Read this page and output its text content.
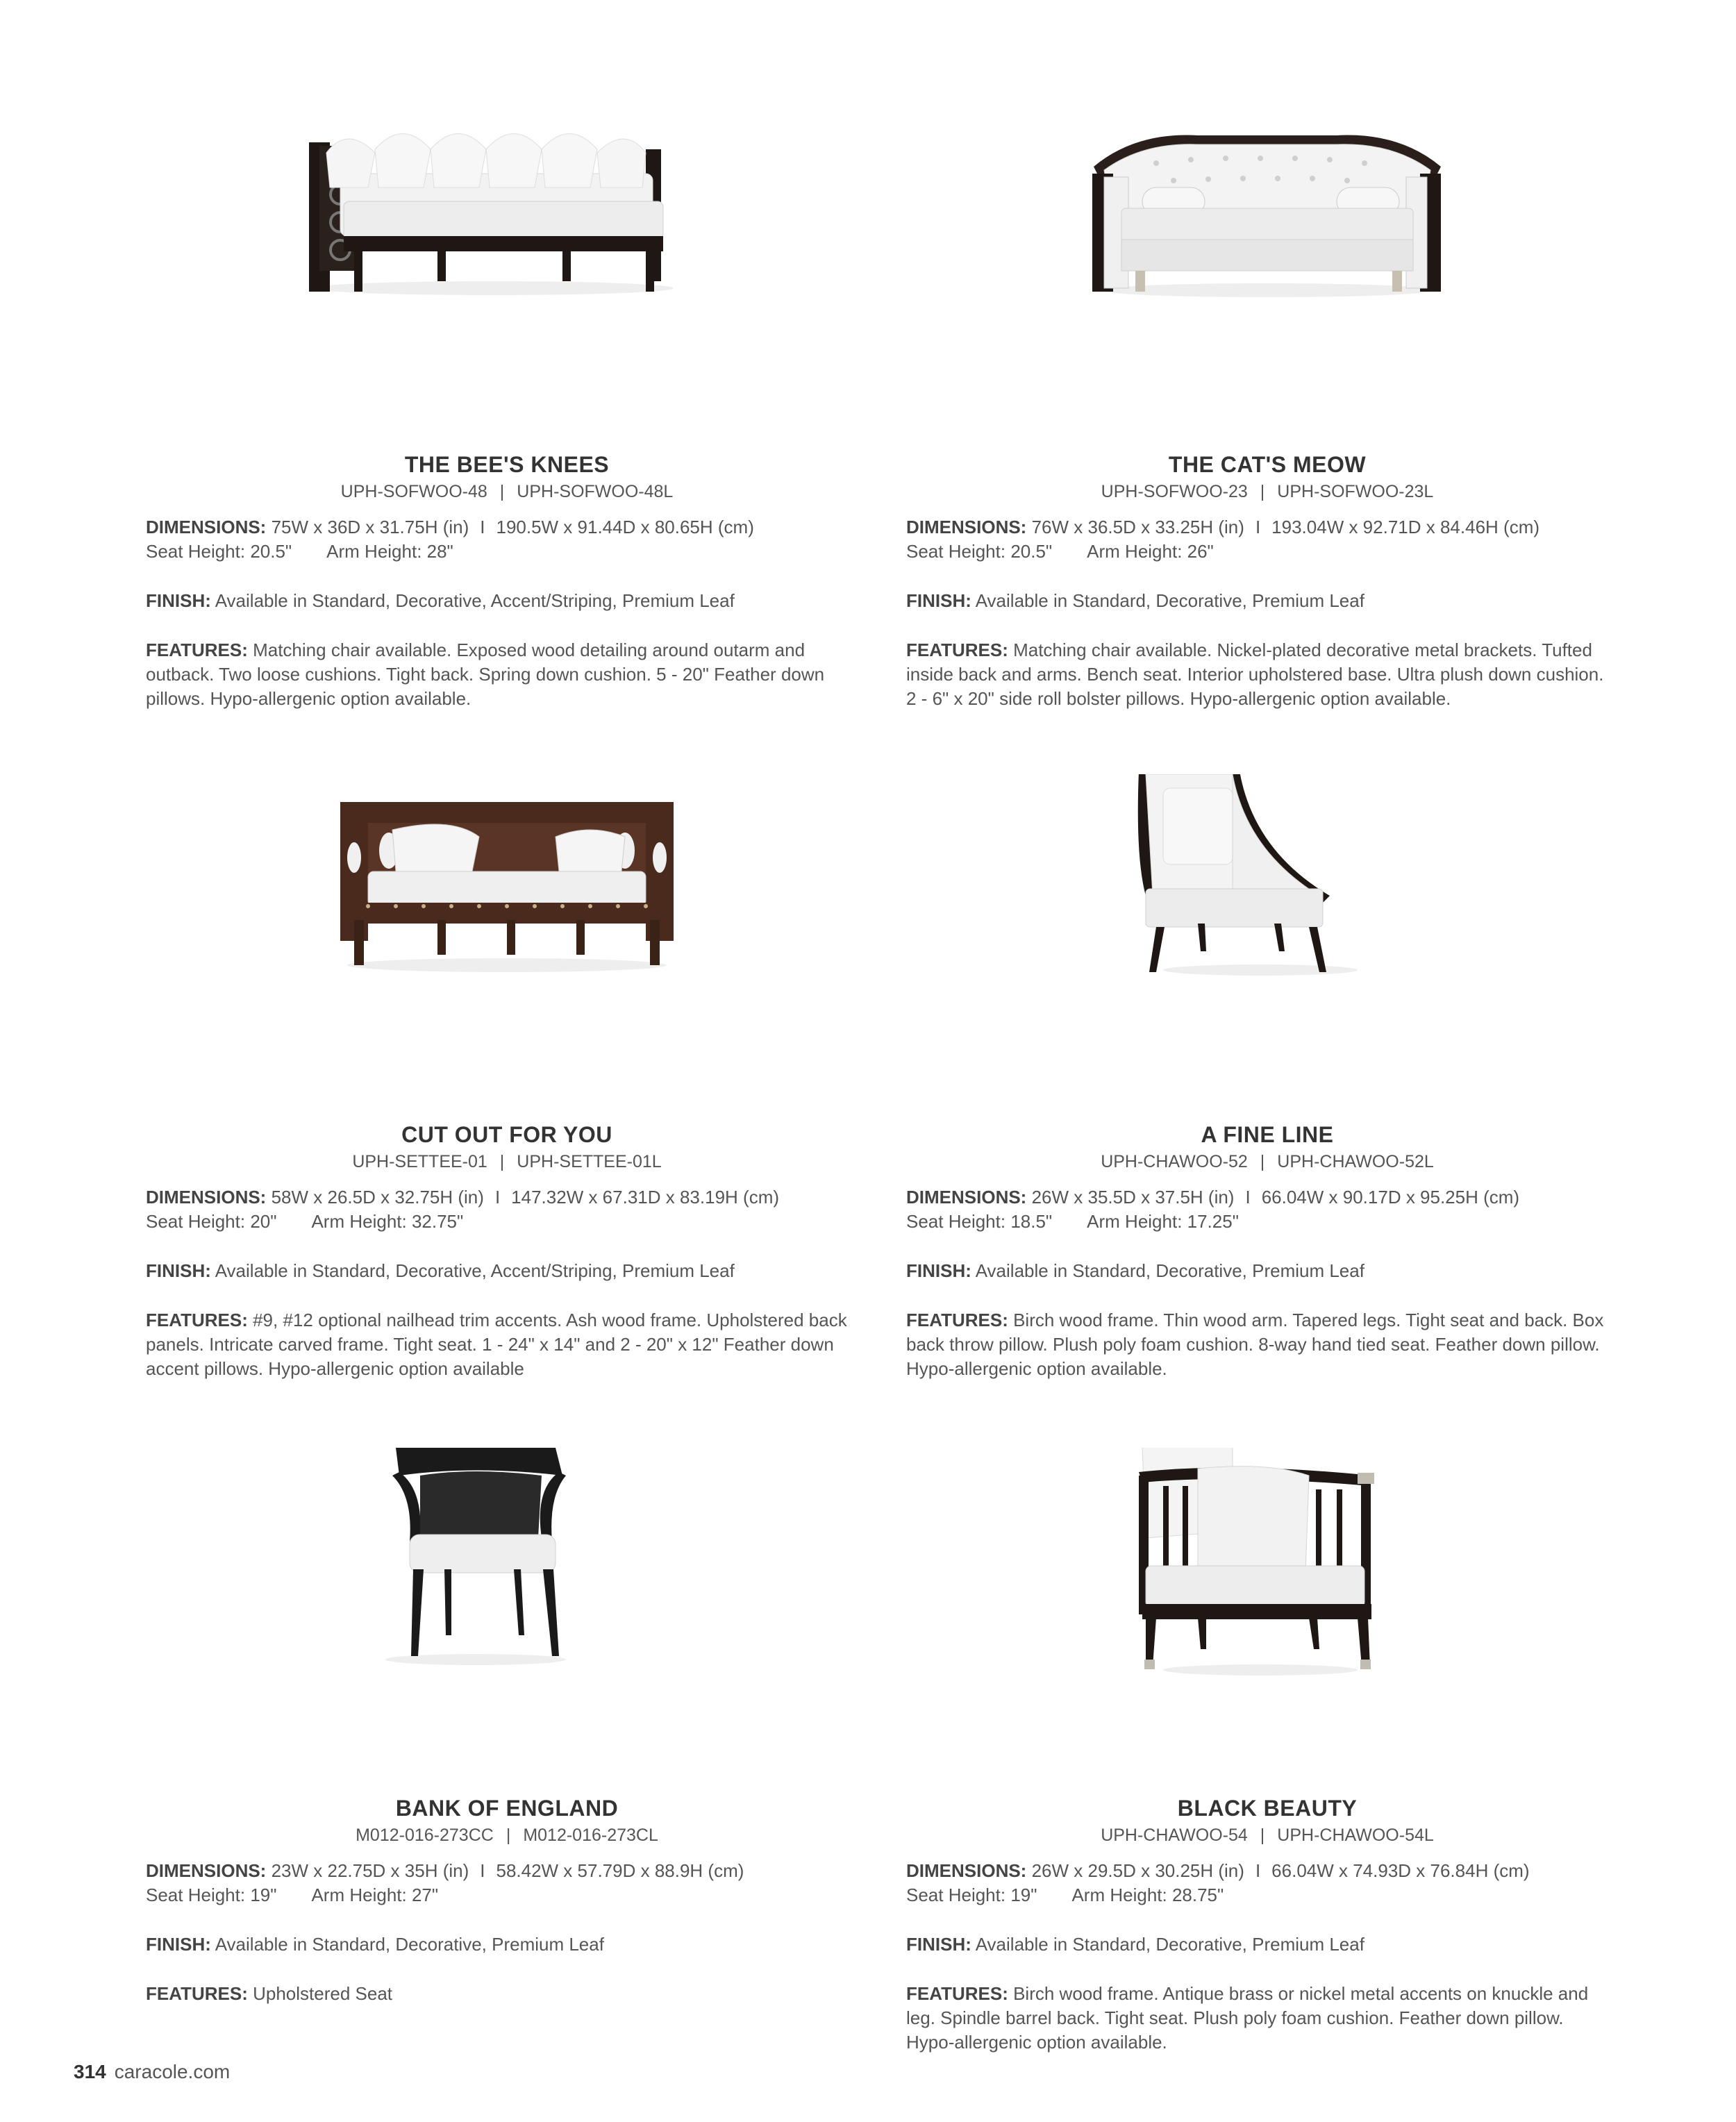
THE BEE'S KNEES
UPH-SOFWOO-48 | UPH-SOFWOO-48L
DIMENSIONS: 75W x 36D x 31.75H (in) I 190.5W x 91.44D x 80.65H (cm)
Seat Height: 20.5" Arm Height: 28"
FINISH: Available in Standard, Decorative, Accent/Striping, Premium Leaf
FEATURES: Matching chair available. Exposed wood detailing around outarm and outback. Two loose cushions. Tight back. Spring down cushion. 5 - 20" Feather down pillows. Hypo-allergenic option available.
THE CAT'S MEOW
UPH-SOFWOO-23 | UPH-SOFWOO-23L
DIMENSIONS: 76W x 36.5D x 33.25H (in) I 193.04W x 92.71D x 84.46H (cm)
Seat Height: 20.5" Arm Height: 26"
FINISH: Available in Standard, Decorative, Premium Leaf
FEATURES: Matching chair available. Nickel-plated decorative metal brackets. Tufted inside back and arms. Bench seat. Interior upholstered base. Ultra plush down cushion. 2 - 6" x 20" side roll bolster pillows. Hypo-allergenic option available.
CUT OUT FOR YOU
UPH-SETTEE-01 | UPH-SETTEE-01L
DIMENSIONS: 58W x 26.5D x 32.75H (in) I 147.32W x 67.31D x 83.19H (cm)
Seat Height: 20" Arm Height: 32.75"
FINISH: Available in Standard, Decorative, Accent/Striping, Premium Leaf
FEATURES: #9, #12 optional nailhead trim accents. Ash wood frame. Upholstered back panels. Intricate carved frame. Tight seat. 1 - 24" x 14" and 2 - 20" x 12" Feather down accent pillows. Hypo-allergenic option available
A FINE LINE
UPH-CHAWOO-52 | UPH-CHAWOO-52L
DIMENSIONS: 26W x 35.5D x 37.5H (in) I 66.04W x 90.17D x 95.25H (cm)
Seat Height: 18.5" Arm Height: 17.25"
FINISH: Available in Standard, Decorative, Premium Leaf
FEATURES: Birch wood frame. Thin wood arm. Tapered legs. Tight seat and back. Box back throw pillow. Plush poly foam cushion. 8-way hand tied seat. Feather down pillow. Hypo-allergenic option available.
BANK OF ENGLAND
M012-016-273CC | M012-016-273CL
DIMENSIONS: 23W x 22.75D x 35H (in) I 58.42W x 57.79D x 88.9H (cm)
Seat Height: 19" Arm Height: 27"
FINISH: Available in Standard, Decorative, Premium Leaf
FEATURES: Upholstered Seat
BLACK BEAUTY
UPH-CHAWOO-54 | UPH-CHAWOO-54L
DIMENSIONS: 26W x 29.5D x 30.25H (in) I 66.04W x 74.93D x 76.84H (cm)
Seat Height: 19" Arm Height: 28.75"
FINISH: Available in Standard, Decorative, Premium Leaf
FEATURES: Birch wood frame. Antique brass or nickel metal accents on knuckle and leg. Spindle barrel back. Tight seat. Plush poly foam cushion. Feather down pillow. Hypo-allergenic option available.
314 caracole.com
